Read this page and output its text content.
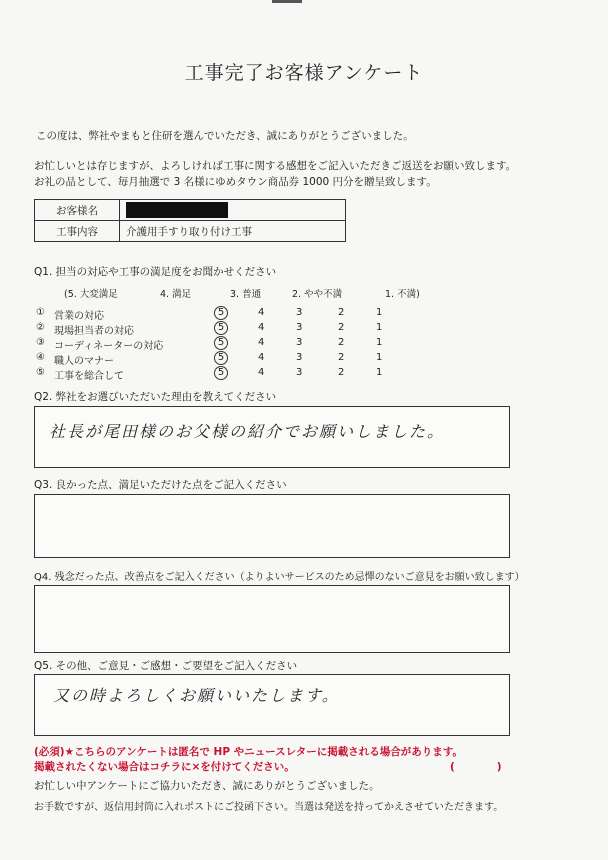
工事完了お客様アンケート
この度は、弊社やまもと住研を選んでいただき、誠にありがとうございました。
お忙しいとは存じますが、よろしければ工事に関する感想をご記入いただきご返送をお願い致します。
お礼の品として、毎月抽選で 3 名様にゆめタウン商品券 1000 円分を贈呈致します。
お客様名	
工事内容	介護用手すり取り付け工事
Q1. 担当の対応や工事の満足度をお聞かせください
(5. 大変満足	4. 満足	3. 普通	2. やや不満	1. 不満)
① 営業の対応	5	4	3	2	1
② 現場担当者の対応	5	4	3	2	1
③ コーディネーターの対応	5	4	3	2	1
④ 職人のマナー	5	4	3	2	1
⑤ 工事を総合して	5	4	3	2	1
Q2. 弊社をお選びいただいた理由を教えてください
社長が尾田様のお父様の紹介でお願いしました。
Q3. 良かった点、満足いただけた点をご記入ください
Q4. 残念だった点、改善点をご記入ください（よりよいサービスのため忌憚のないご意見をお願い致します）
Q5. その他、ご意見・ご感想・ご要望をご記入ください
又の時よろしくお願いいたします。
(必須)★こちらのアンケートは匿名で HP やニュースレターに掲載される場合があります。
掲載されたくない場合はコチラに×を付けてください。	(　　　　)
お忙しい中アンケートにご協力いただき、誠にありがとうございました。
お手数ですが、返信用封筒に入れポストにご投函下さい。当選は発送を持ってかえさせていただきます。
